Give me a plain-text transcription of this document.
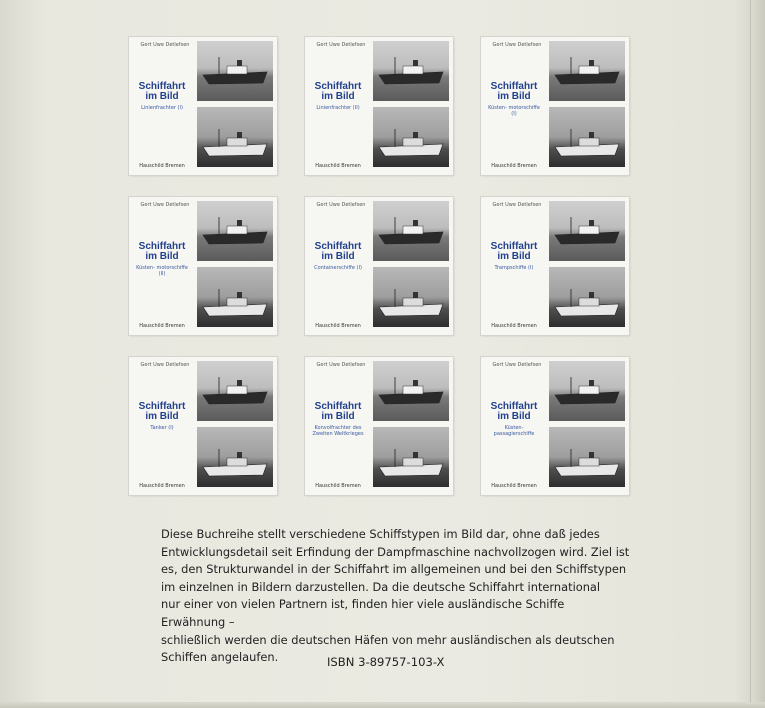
Gert Uwe Detlefsen
Schiffahrt
im Bild
Linienfrachter (I)
Hauschild Bremen
Gert Uwe Detlefsen
Schiffahrt
im Bild
Linienfrachter (II)
Hauschild Bremen
Gert Uwe Detlefsen
Schiffahrt
im Bild
Küsten- motorschiffe (I)
Hauschild Bremen
Gert Uwe Detlefsen
Schiffahrt
im Bild
Küsten- motorschiffe (II)
Hauschild Bremen
Gert Uwe Detlefsen
Schiffahrt
im Bild
Containerschiffe (I)
Hauschild Bremen
Gert Uwe Detlefsen
Schiffahrt
im Bild
Trampschiffe (I)
Hauschild Bremen
Gert Uwe Detlefsen
Schiffahrt
im Bild
Tanker (I)
Hauschild Bremen
Gert Uwe Detlefsen
Schiffahrt
im Bild
Konvoifrachter des Zweiten Weltkrieges
Hauschild Bremen
Gert Uwe Detlefsen
Schiffahrt
im Bild
Küsten- passagierschiffe
Hauschild Bremen
Diese Buchreihe stellt verschiedene Schiffstypen im Bild dar, ohne daß jedes
Entwicklungsdetail seit Erfindung der Dampfmaschine nachvollzogen wird. Ziel ist
es, den Strukturwandel in der Schiffahrt im allgemeinen und bei den Schiffstypen
im einzelnen in Bildern darzustellen. Da die deutsche Schiffahrt international
nur einer von vielen Partnern ist, finden hier viele ausländische Schiffe Erwähnung –
schließlich werden die deutschen Häfen von mehr ausländischen als deutschen
Schiffen angelaufen.	ISBN 3-89757-103-X
